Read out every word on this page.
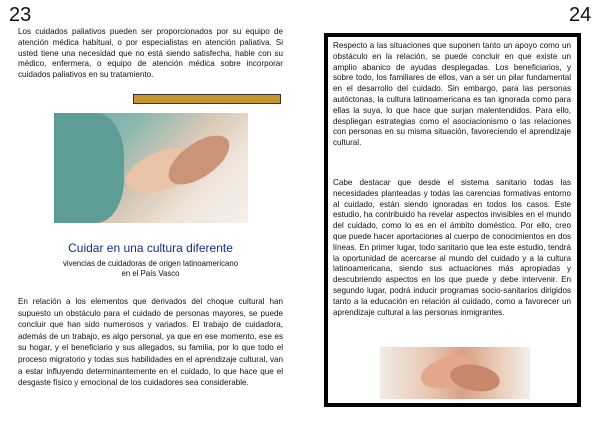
23	24

Los cuidados paliativos pueden ser proporcionados por su equipo de atención médica habitual, o por especialistas en atención paliativa. Si usted tiene una necesidad que no está siendo satisfecha, hable con su médico, enfermera, o equipo de atención médica sobre incorporar cuidados paliativos en su tratamiento.

Cuidar en una cultura diferente
vivencias de cuidadoras de origen latinoamericano
en el País Vasco

En relación a los elementos que derivados del choque cultural han supuesto un obstáculo para el cuidado de personas mayores, se puede concluir que han sido numerosos y variados. El trabajo de cuidadora, además de un trabajo, es algo personal, ya que en ese momento, ese es su hogar, y el beneficiario y sus allegados, su familia, por lo que todo el proceso migratorio y todas sus habilidades en el aprendizaje cultural, van a estar influyendo determinantemente en el cuidado, lo que hace que el desgaste físico y emocional de los cuidadores sea considerable.

Respecto a las situaciones que suponen tanto un apoyo como un obstáculo en la relación, se puede concluir en que existe un amplio abanico de ayudas desplegadas. Los beneficiarios, y sobre todo, los familiares de ellos, van a ser un pilar fundamental en el desarrollo del cuidado. Sin embargo, para las personas autóctonas, la cultura latinoamericana es tan ignorada como para ellas la suya, lo que hace que surjan malentendidos. Para ello, despliegan estrategias como el asociacionismo o las relaciones con personas en su misma situación, favoreciendo el aprendizaje cultural.

Cabe destacar que desde el sistema sanitario todas las necesidades planteadas y todas las carencias formativas entorno al cuidado, están siendo ignoradas en todos los casos. Este estudio, ha contribuido ha revelar aspectos invisibles en el mundo del cuidado, como lo es en el ámbito doméstico. Por ello, creo que puede hacer aportaciones al cuerpo de conocimientos en dos líneas. En primer lugar, todo sanitario que lea este estudio, tendrá la oportunidad de acercarse al mundo del cuidado y a la cultura latinoamericana, siendo sus actuaciones más apropiadas y descubriendo aspectos en los que puede y debe intervenir. En segundo lugar, podrá inducir programas socio-sanitarios dirigidos tanto a la educación en relación al cuidado, como a favorecer un aprendizaje cultural a las personas inmigrantes.
